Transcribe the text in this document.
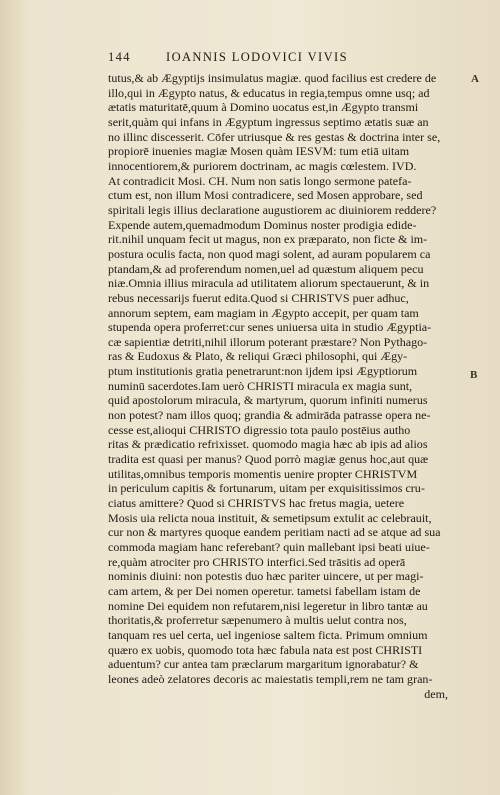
144	IOANNIS LODOVICI VIVIS
A
B
tutus,& ab Ægyptijs insimulatus magiæ. quod facilius est credere de
illo,qui in Ægypto natus, & educatus in regia,tempus omne usq; ad
ætatis maturitatē,quum à Domino uocatus est,in Ægypto transmi
serit,quàm qui infans in Ægyptum ingressus septimo ætatis suæ an
no illinc discesserit. Cōfer utriusque & res gestas & doctrina inter se,
propiorē inuenies magiæ Mosen quàm IESVM: tum etiā uitam
innocentiorem,& puriorem doctrinam, ac magis cœlestem. IVD.
At contradicit Mosi. CH. Num non satis longo sermone patefa-
ctum est, non illum Mosi contradicere, sed Mosen approbare, sed
spiritali legis illius declaratione augustiorem ac diuiniorem reddere?
Expende autem,quemadmodum Dominus noster prodigia edide-
rit.nihil unquam fecit ut magus, non ex præparato, non ficte & im-
postura oculis facta, non quod magi solent, ad auram popularem ca
ptandam,& ad proferendum nomen,uel ad quæstum aliquem pecu
niæ.Omnia illius miracula ad utilitatem aliorum spectauerunt, & in
rebus necessarijs fuerut edita.Quod si CHRISTVS puer adhuc,
annorum septem, eam magiam in Ægypto accepit, per quam tam
stupenda opera proferret:cur senes uniuersa uita in studio Ægyptia-
cæ sapientiæ detriti,nihil illorum poterant præstare? Non Pythago-
ras & Eudoxus & Plato, & reliqui Græci philosophi, qui Ægy-
ptum institutionis gratia penetrarunt:non ijdem ipsi Ægyptiorum
numinū sacerdotes.Iam uerò CHRISTI miracula ex magia sunt,
quid apostolorum miracula, & martyrum, quorum infiniti numerus
non potest? nam illos quoq; grandia & admirāda patrasse opera ne-
cesse est,alioqui CHRISTO digressio tota paulo postēius autho
ritas & prædicatio refrixisset. quomodo magia hæc ab ipis ad alios
tradita est quasi per manus? Quod porrò magiæ genus hoc,aut quæ
utilitas,omnibus temporis momentis uenire propter CHRISTVM
in periculum capitis & fortunarum, uitam per exquisitissimos cru-
ciatus amittere? Quod si CHRISTVS hac fretus magia, uetere
Mosis uia relicta noua instituit, & semetipsum extulit ac celebrauit,
cur non & martyres quoque eandem peritiam nacti ad se atque ad sua
commoda magiam hanc referebant? quin mallebant ipsi beati uiue-
re,quàm atrociter pro CHRISTO interfici.Sed trāsitis ad operā
nominis diuini: non potestis duo hæc pariter uincere, ut per magi-
cam artem, & per Dei nomen operetur. tametsi fabellam istam de
nomine Dei equidem non refutarem,nisi legeretur in libro tantæ au
thoritatis,& proferretur sæpenumero à multis uelut contra nos,
tanquam res uel certa, uel ingeniose saltem ficta. Primum omnium
quæro ex uobis, quomodo tota hæc fabula nata est post CHRISTI
aduentum? cur antea tam præclarum margaritum ignorabatur? &
leones adeò zelatores decoris ac maiestatis templi,rem ne tam gran-
dem,
